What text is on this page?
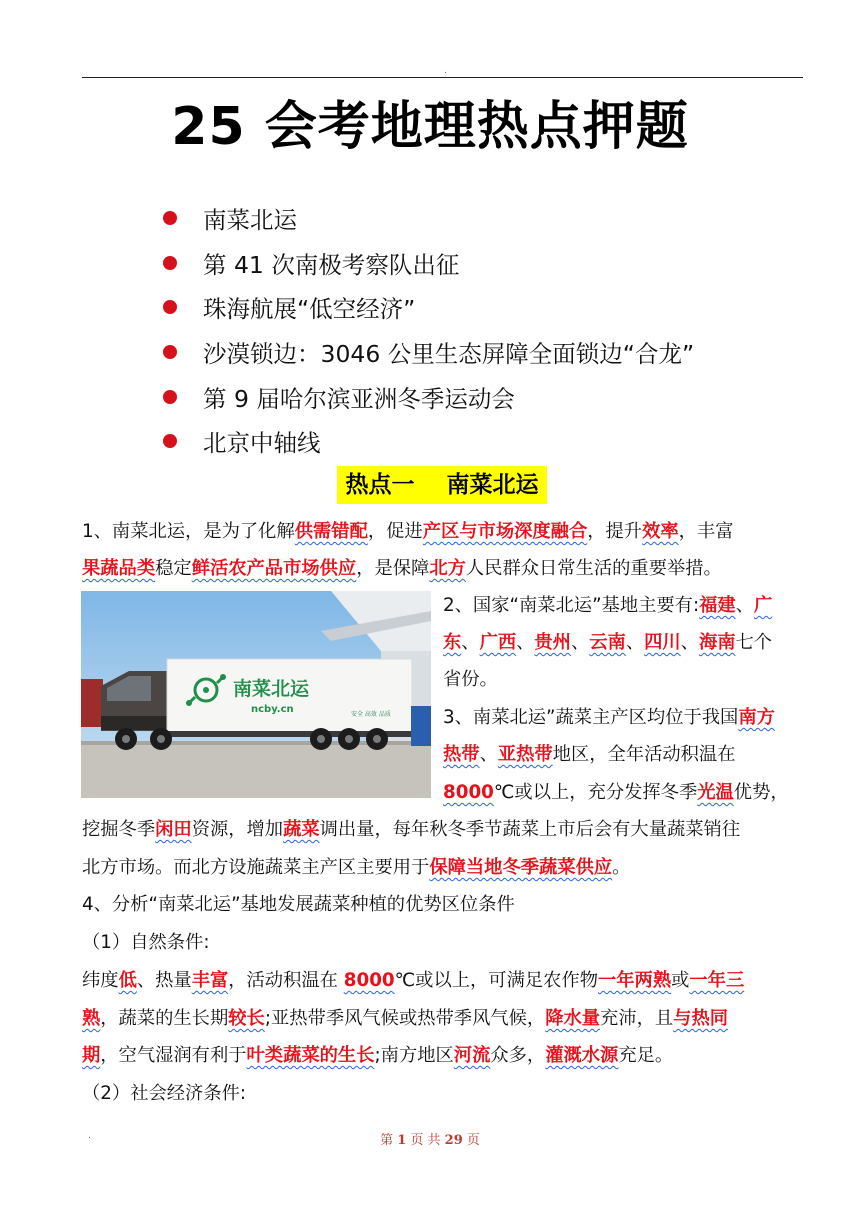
.
25 会考地理热点押题
南菜北运
第 41 次南极考察队出征
珠海航展“低空经济”
沙漠锁边：3046 公里生态屏障全面锁边“合龙”
第 9 届哈尔滨亚洲冬季运动会
北京中轴线
热点一    南菜北运
1、南菜北运，是为了化解供需错配，促进产区与市场深度融合，提升效率，丰富
果蔬品类稳定鲜活农产品市场供应，是保障北方人民群众日常生活的重要举措。
南菜北运
ncby.cn	安全 高效 品质
2、国家“南菜北运”基地主要有:福建、广
东、广西、贵州、云南、四川、海南七个
省份。
3、南菜北运”蔬菜主产区均位于我国南方
热带、亚热带地区，全年活动积温在
8000℃或以上，充分发挥冬季光温优势，
挖掘冬季闲田资源，增加蔬菜调出量，每年秋冬季节蔬菜上市后会有大量蔬菜销往
北方市场。而北方设施蔬菜主产区主要用于保障当地冬季蔬菜供应。
4、分析“南菜北运”基地发展蔬菜种植的优势区位条件
（1）自然条件:
纬度低、热量丰富，活动积温在 8000℃或以上，可满足农作物一年两熟或一年三
熟，蔬菜的生长期较长;亚热带季风气候或热带季风气候，降水量充沛，且与热同
期，空气湿润有利于叶类蔬菜的生长;南方地区河流众多，灌溉水源充足。
（2）社会经济条件:
.	第 1 页 共 29 页
